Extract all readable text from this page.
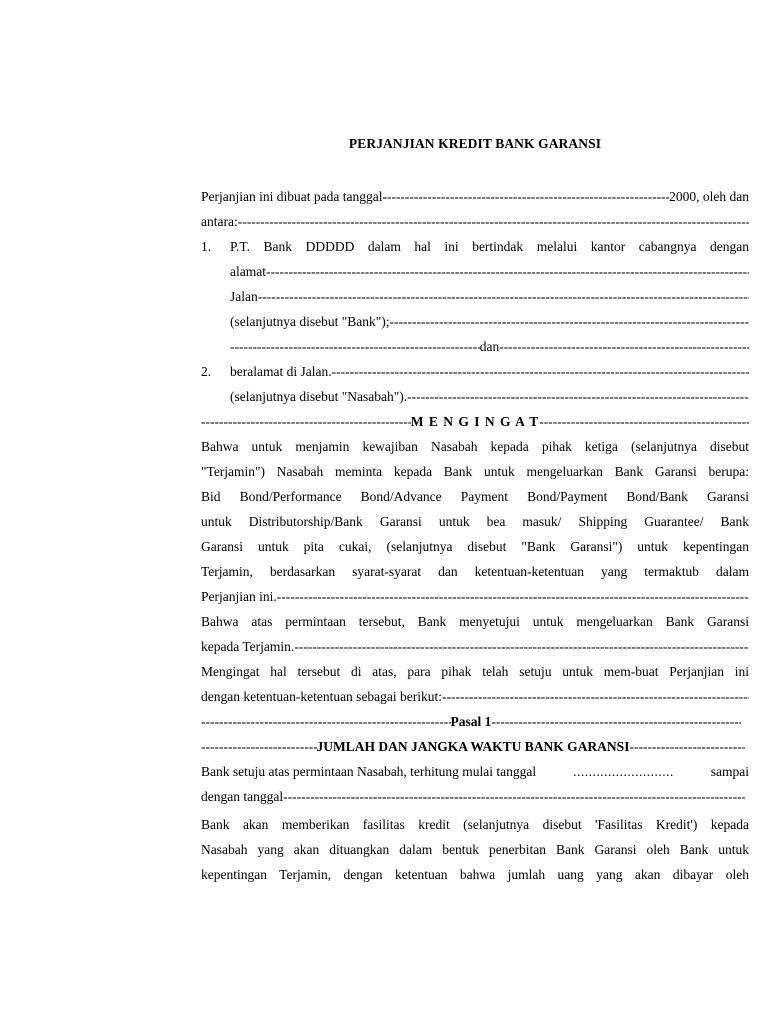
PERJANJIAN KREDIT BANK GARANSI
Perjanjian ini dibuat pada tanggal
-----	2000, oleh dan
antara:
-----
1.	P.T. Bank DDDDD dalam hal ini bertindak melalui kantor cabangnya dengan
alamat
-----
Jalan
-----
(selanjutnya disebut "Bank");
-----
-----
dan
-----
2.	beralamat di Jalan.
-----
(selanjutnya disebut "Nasabah").
-----
-----
M E N G I N G A T
-----
Bahwa untuk menjamin kewajiban Nasabah kepada pihak ketiga (selanjutnya disebut
"Terjamin") Nasabah meminta kepada Bank untuk mengeluarkan Bank Garansi berupa:
Bid Bond/Performance Bond/Advance Payment Bond/Payment Bond/Bank Garansi
untuk Distributorship/Bank Garansi untuk bea masuk/ Shipping Guarantee/ Bank
Garansi untuk pita cukai, (selanjutnya disebut "Bank Garansi") untuk kepentingan
Terjamin, berdasarkan syarat-syarat dan ketentuan-ketentuan yang termaktub dalam
Perjanjian ini.
-----
Bahwa atas permintaan tersebut, Bank menyetujui untuk mengeluarkan Bank Garansi
kepada Terjamin.
-----
Mengingat hal tersebut di atas, para pihak telah setuju untuk mem-buat Perjanjian ini
dengan ketentuan-ketentuan sebagai berikut:
-----
-----
Pasal 1
-----
-----
JUMLAH DAN JANGKA WAKTU BANK GARANSI
-----
Bank setuju atas permintaan Nasabah, terhitung mulai tanggal	..........................	sampai
dengan tanggal
-----
Bank akan memberikan fasilitas kredit (selanjutnya disebut 'Fasilitas Kredit') kepada
Nasabah yang akan dituangkan dalam bentuk penerbitan Bank Garansi oleh Bank untuk
kepentingan Terjamin, dengan ketentuan bahwa jumlah uang yang akan dibayar oleh
